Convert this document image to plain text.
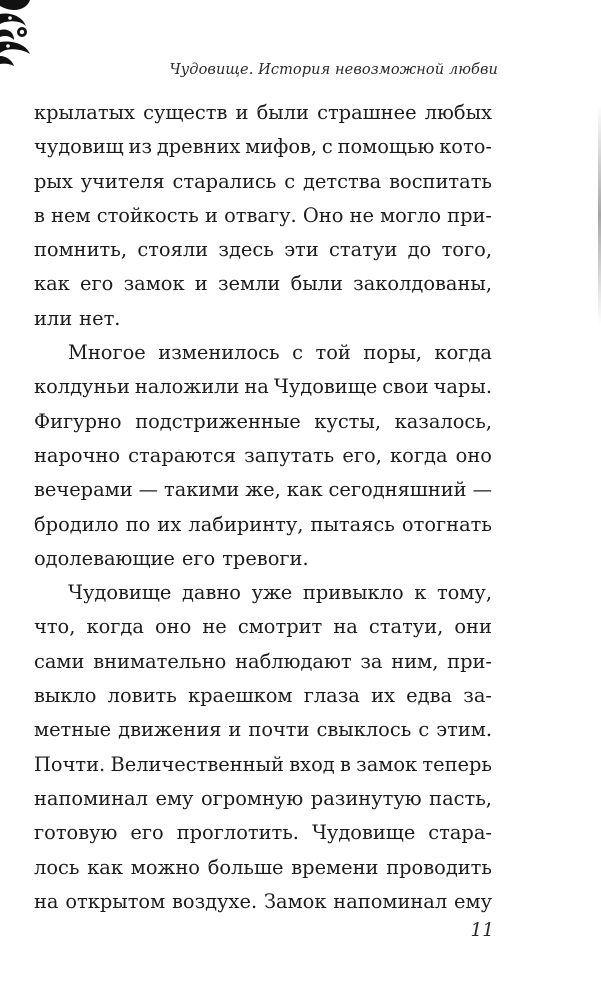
Чудовище. История невозможной любви
крылатых существ и были страшнее любых
чудовищ из древних мифов, с помощью кото-
рых учителя старались с детства воспитать
в нем стойкость и отвагу. Оно не могло при-
помнить, стояли здесь эти статуи до того,
как его замок и земли были заколдованы,
или нет.
Многое изменилось с той поры, когда
колдуньи наложили на Чудовище свои чары.
Фигурно подстриженные кусты, казалось,
нарочно стараются запутать его, когда оно
вечерами — такими же, как сегодняшний —
бродило по их лабиринту, пытаясь отогнать
одолевающие его тревоги.
Чудовище давно уже привыкло к тому,
что, когда оно не смотрит на статуи, они
сами внимательно наблюдают за ним, при-
выкло ловить краешком глаза их едва за-
метные движения и почти свыклось с этим.
Почти. Величественный вход в замок теперь
напоминал ему огромную разинутую пасть,
готовую его проглотить. Чудовище стара-
лось как можно больше времени проводить
на открытом воздухе. Замок напоминал ему
11
